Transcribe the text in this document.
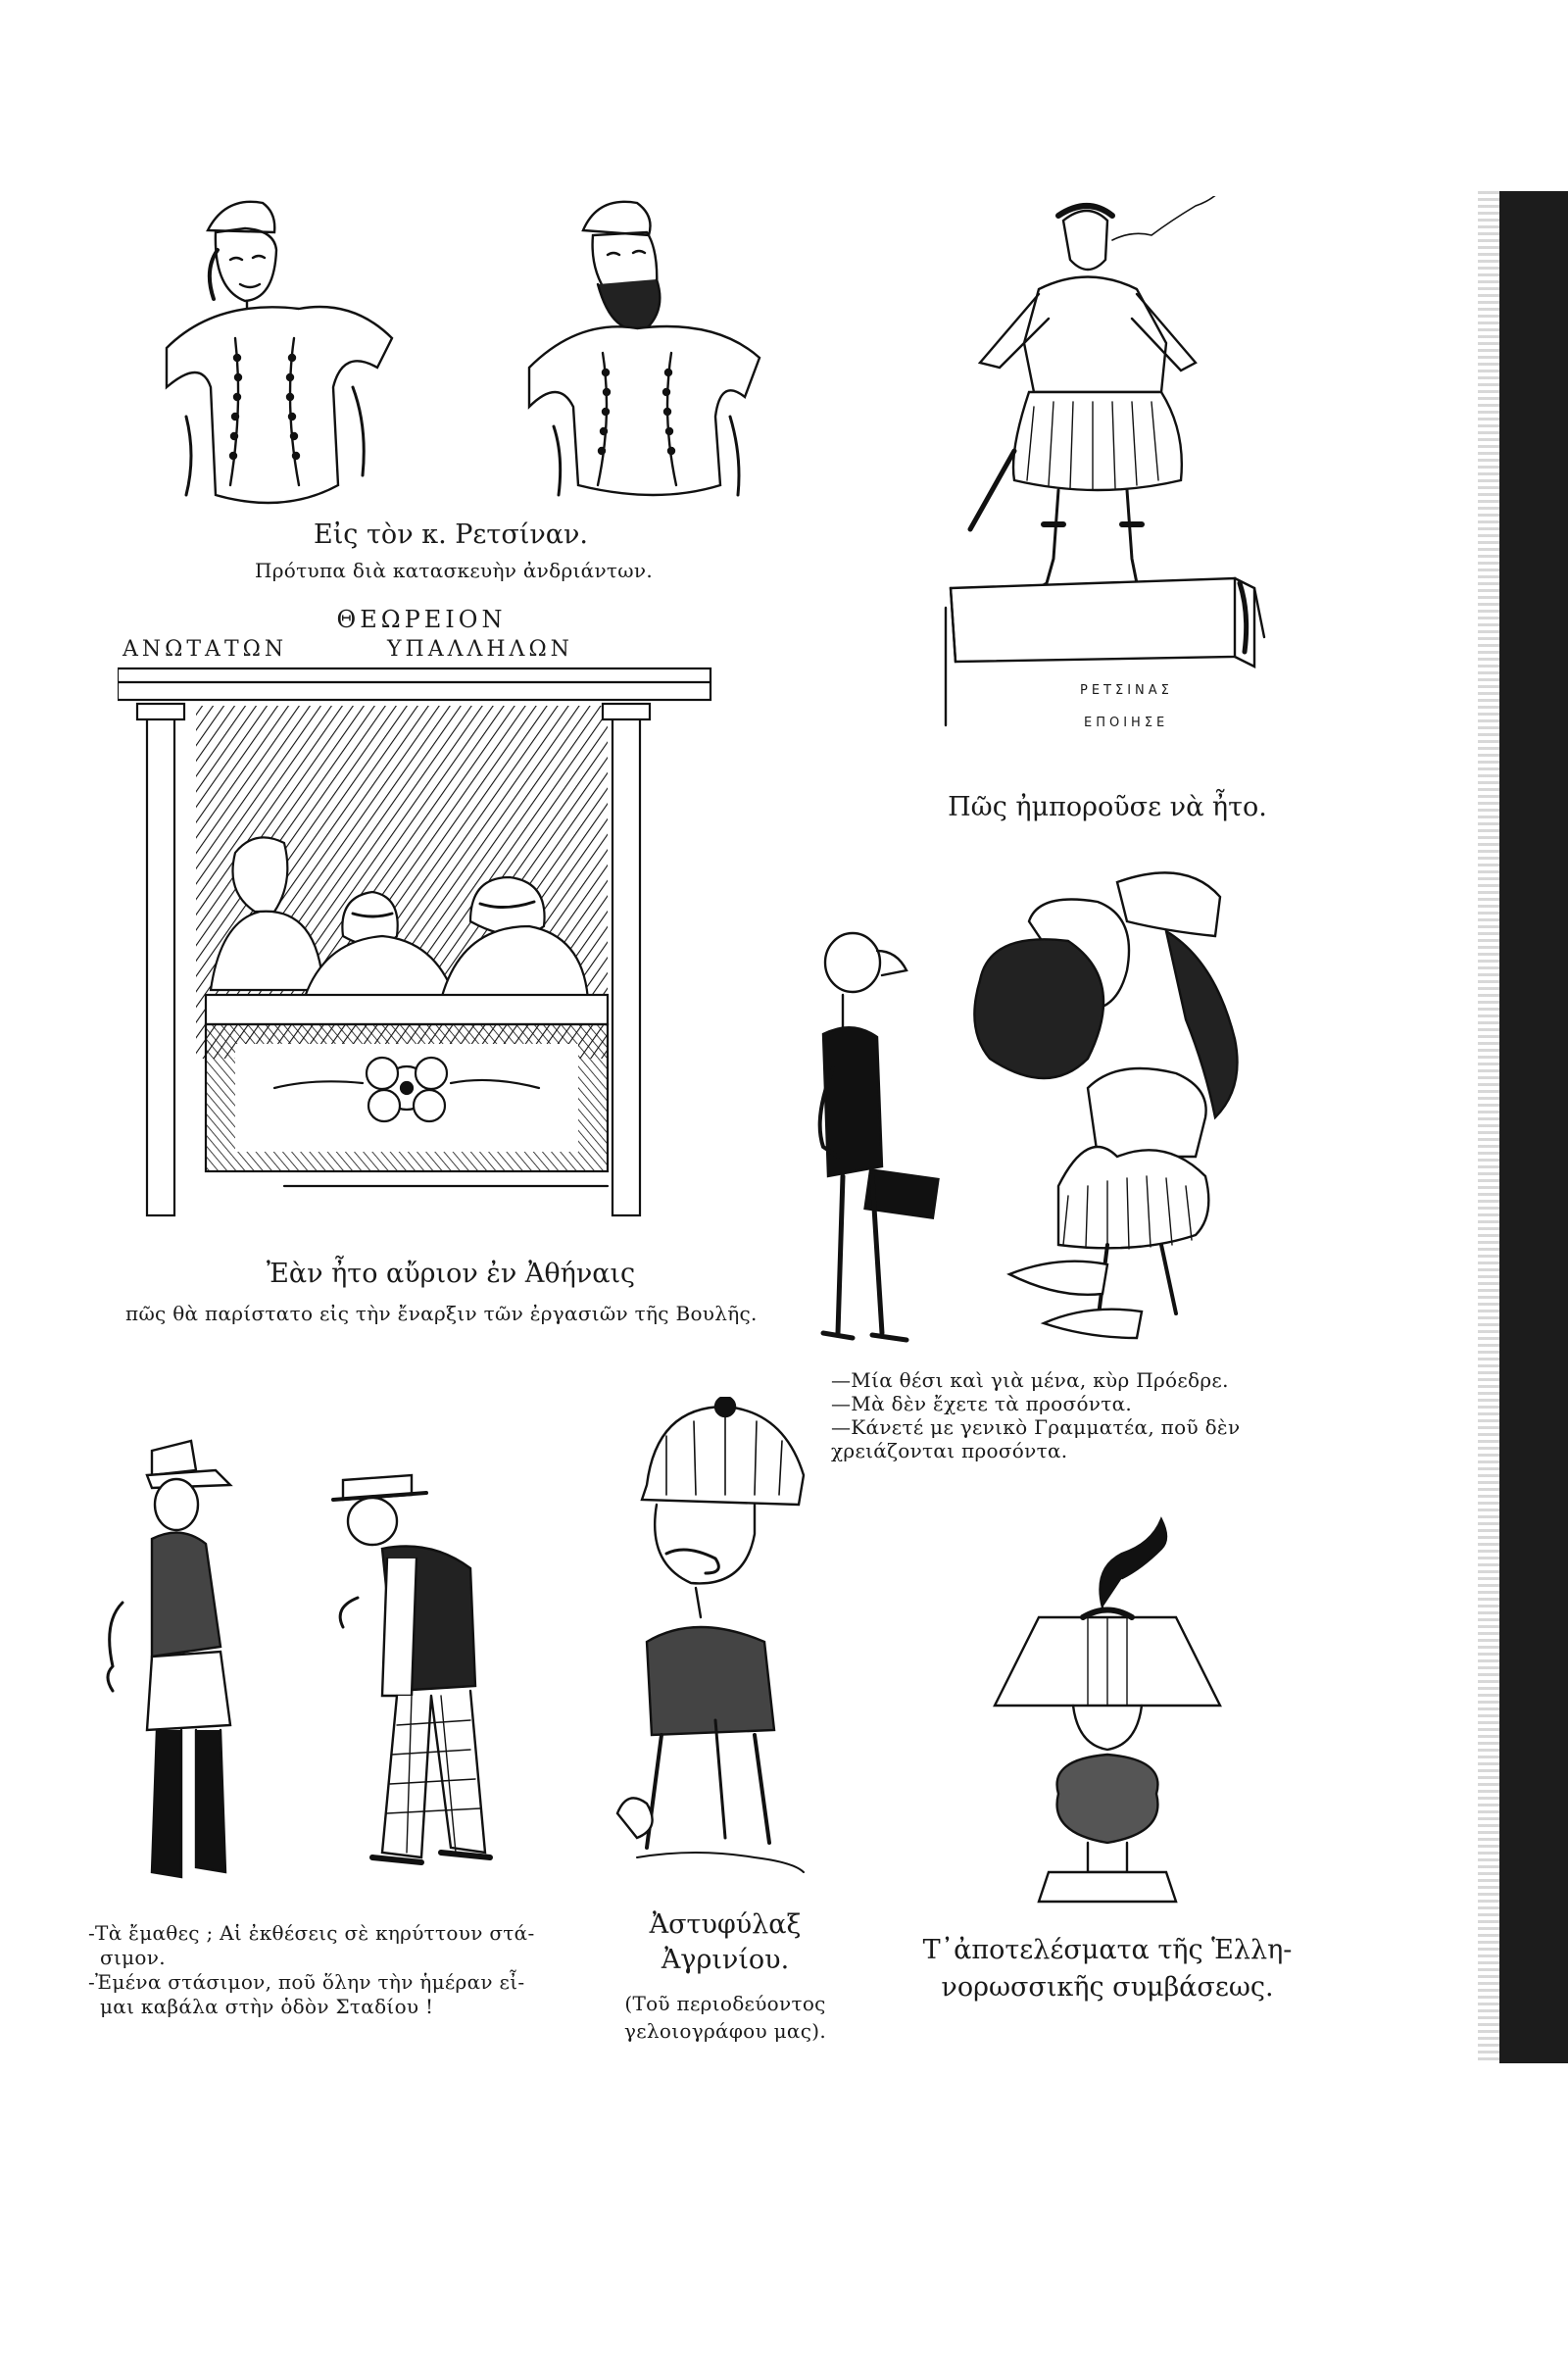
Εἰς τὸν κ. Ρετσίναν.
Πρότυπα διὰ κατασκευὴν ἀνδριάντων.
ΡΕΤΣΙΝΑΣ
ΕΠΟΙΗΣΕ
Πῶς ἠμποροῦσε νὰ ἦτο.
ΘΕΩΡΕΙΟΝ
ΑΝΩΤΑΤΩΝ	ΥΠΑΛΛΗΛΩΝ
Ἐὰν ἦτο αὔριον ἐν Ἀθήναις
πῶς θὰ παρίστατο εἰς τὴν ἔναρξιν τῶν ἐργασιῶν τῆς Βουλῆς.
—Μία θέσι καὶ γιὰ μένα, κὺρ Πρόεδρε.
—Μὰ δὲν ἔχετε τὰ προσόντα.
—Κάνετέ με γενικὸ Γραμματέα, ποῦ δὲν
χρειάζονται προσόντα.
-Τὰ ἔμαθες ; Αἱ ἐκθέσεις σὲ κηρύττουν στά-
σιμον.
-Ἐμένα στάσιμον, ποῦ ὅλην τὴν ἡμέραν εἶ-
μαι καβάλα στὴν ὁδὸν Σταδίου !
Ἀστυφύλαξ
Ἀγρινίου.
(Τοῦ περιοδεύοντος
γελοιογράφου μας).
Τ᾽ἀποτελέσματα τῆς Ἑλλη-
νορωσσικῆς συμβάσεως.
